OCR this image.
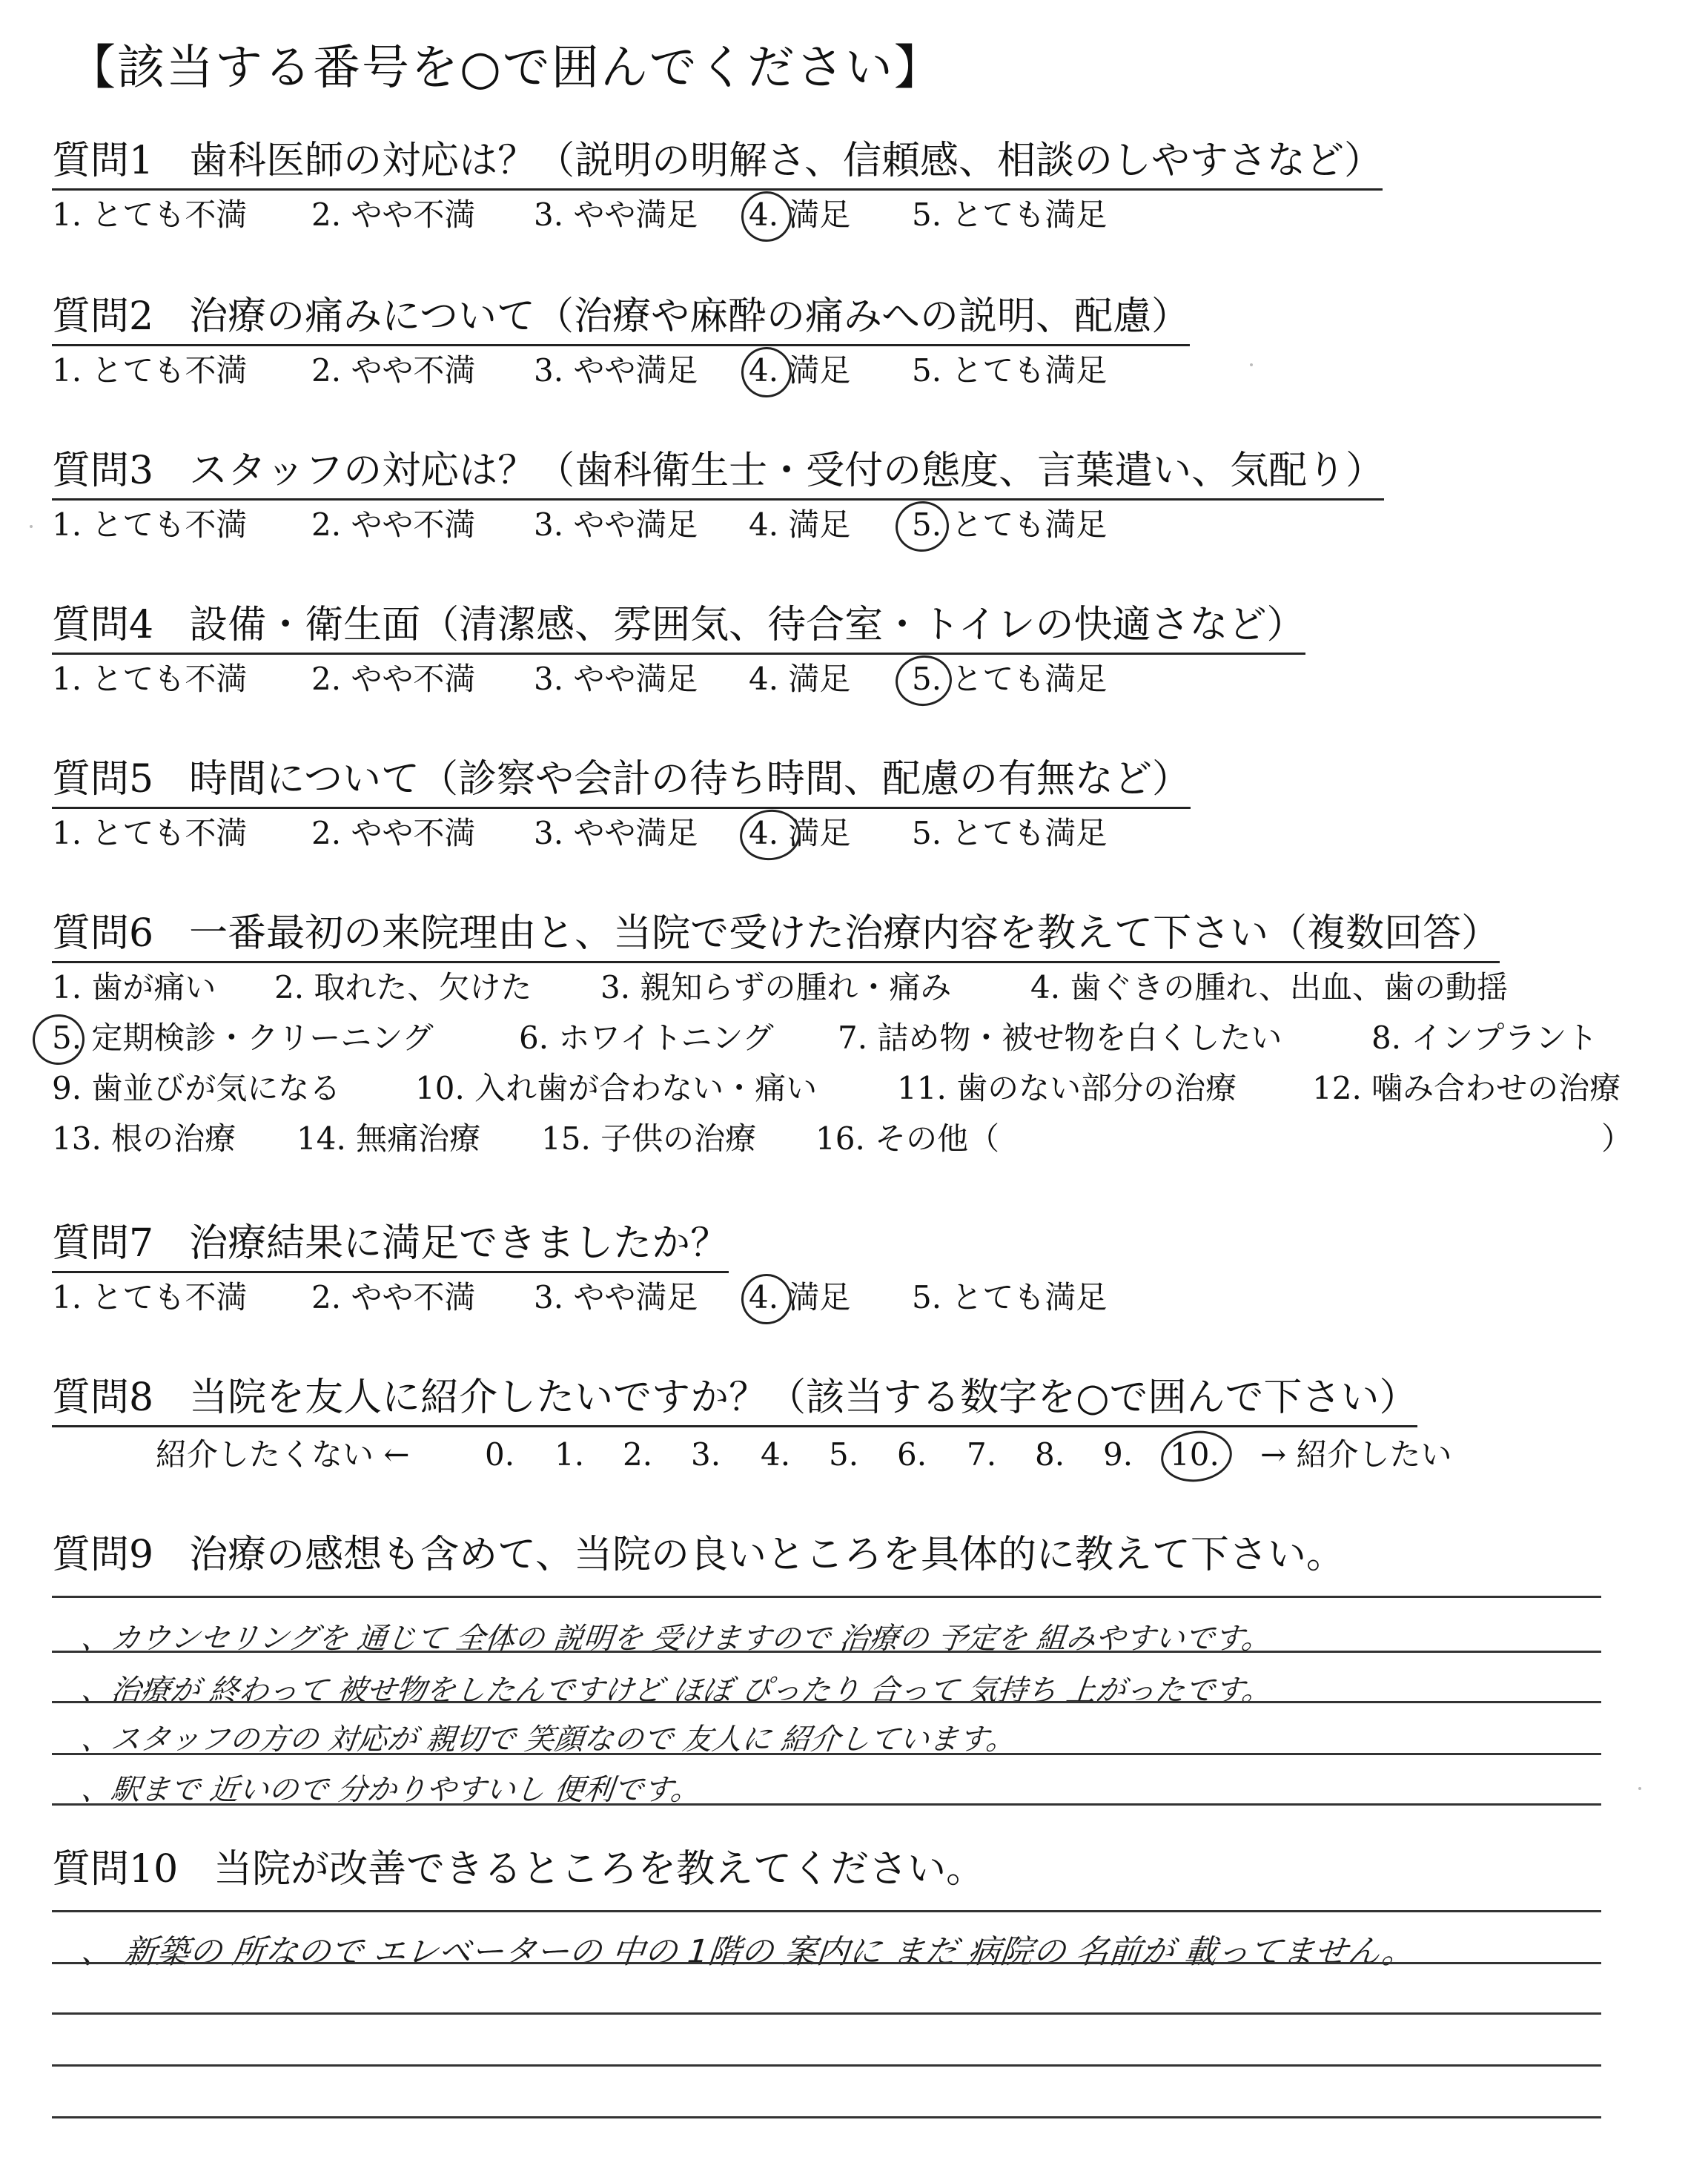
【該当する番号を○で囲んでください】
質問1 歯科医師の対応は？（説明の明解さ、信頼感、相談のしやすさなど）
1. とても不満 2. やや不満 3. やや満足 4. 満足 5. とても満足
質問2 治療の痛みについて（治療や麻酔の痛みへの説明、配慮）
1. とても不満 2. やや不満 3. やや満足 4. 満足 5. とても満足
質問3 スタッフの対応は？（歯科衛生士・受付の態度、言葉遣い、気配り）
1. とても不満 2. やや不満 3. やや満足 4. 満足 5. とても満足
質問4 設備・衛生面（清潔感、雰囲気、待合室・トイレの快適さなど）
1. とても不満 2. やや不満 3. やや満足 4. 満足 5. とても満足
質問5 時間について（診察や会計の待ち時間、配慮の有無など）
1. とても不満 2. やや不満 3. やや満足 4. 満足 5. とても満足
質問6 一番最初の来院理由と、当院で受けた治療内容を教えて下さい（複数回答）
1. 歯が痛い 2. 取れた、欠けた 3. 親知らずの腫れ・痛み	4. 歯ぐきの腫れ、出血、歯の動揺
5. 定期検診・クリーニング	6. ホワイトニング 7. 詰め物・被せ物を白くしたい	8. インプラント
9. 歯並びが気になる 10. 入れ歯が合わない・痛い	11. 歯のない部分の治療 12. 噛み合わせの治療
13. 根の治療 14. 無痛治療 15. 子供の治療 16. その他（	）
質問7 治療結果に満足できましたか？
1. とても不満 2. やや不満 3. やや満足 4. 満足 5. とても満足
質問8 当院を友人に紹介したいですか？（該当する数字を○で囲んで下さい）
紹介したくない ← 0. 1. 2. 3. 4. 5. 6. 7. 8. 9. 10. → 紹介したい
質問9 治療の感想も含めて、当院の良いところを具体的に教えて下さい。
、カウンセリングを 通じて 全体の 説明を 受けますので 治療の 予定を 組みやすいです。
、治療が 終わって 被せ物をしたんですけど ほぼ ぴったり 合って 気持ち 上がったです。
、スタッフの方の 対応が 親切で 笑顔なので 友人に 紹介しています。
、駅まで 近いので 分かりやすいし 便利です。
質問10 当院が改善できるところを教えてください。
、 新築の 所なので エレベーターの 中の 1階の 案内に まだ 病院の 名前が 載ってません。
